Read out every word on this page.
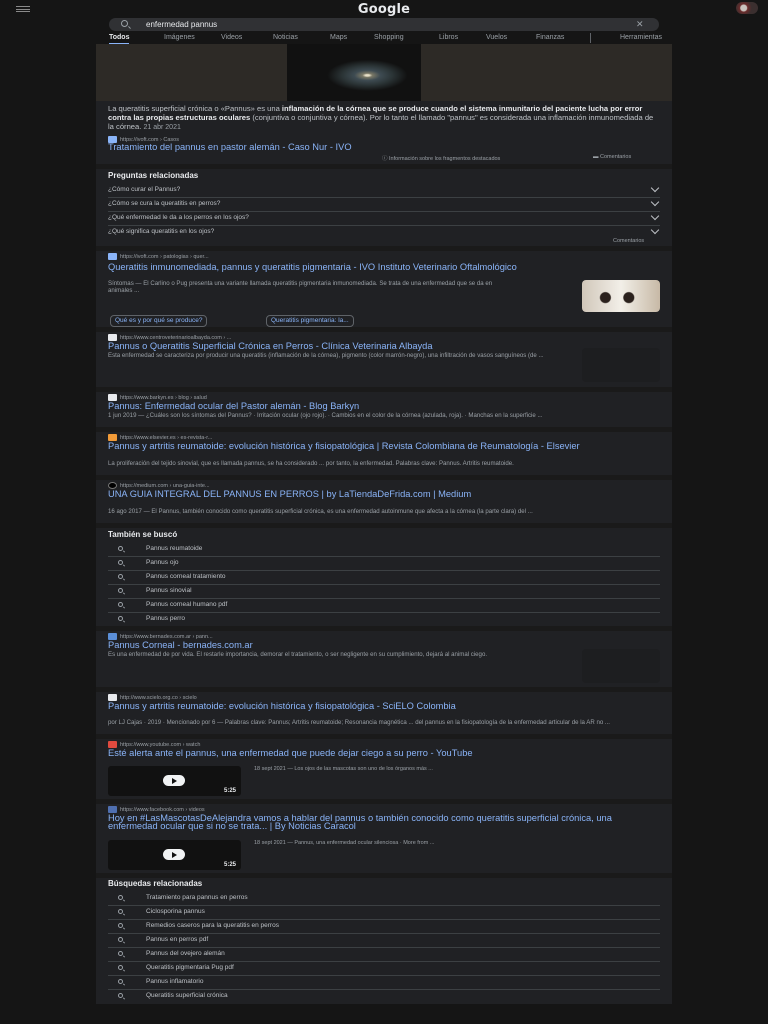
Google
enfermedad pannus
✕
Todos	Imágenes	Videos	Noticias	Maps	Shopping	Libros	Vuelos	Finanzas	Herramientas
La queratitis superficial crónica o «Pannus» es una inflamación de la córnea que se produce cuando el sistema inmunitario del paciente lucha por error contra las propias estructuras oculares (conjuntiva o conjuntiva y córnea). Por lo tanto el llamado "pannus" es considerada una inflamación inmunomediada de la córnea. 21 abr 2021
https://ivoft.com › Casos
Tratamiento del pannus en pastor alemán - Caso Nur - IVO
ⓘ Información sobre los fragmentos destacados	▬ Comentarios
Preguntas relacionadas
¿Cómo curar el Pannus?
¿Cómo se cura la queratitis en perros?
¿Qué enfermedad le da a los perros en los ojos?
¿Qué significa queratitis en los ojos?
Comentarios
https://ivoft.com › patologias › quer...
Queratitis inmunomediada, pannus y queratitis pigmentaria - IVO Instituto Veterinario Oftalmológico
Síntomas — El Carlino o Pug presenta una variante llamada queratitis pigmentaria inmunomediada. Se trata de una enfermedad que se da en animales ...
Qué es y por qué se produce?	Queratitis pigmentaria: la...
https://www.centroveterinarioalbayda.com › ...
Pannus o Queratitis Superficial Crónica en Perros - Clínica Veterinaria Albayda
Esta enfermedad se caracteriza por producir una queratitis (inflamación de la córnea), pigmento (color marrón-negro), una infiltración de vasos sanguíneos (de ...
https://www.barkyn.es › blog › salud
Pannus: Enfermedad ocular del Pastor alemán - Blog Barkyn
1 jun 2019 — ¿Cuáles son los síntomas del Pannus? · Irritación ocular (ojo rojo). · Cambios en el color de la córnea (azulada, roja). · Manchas en la superficie ...
https://www.elsevier.es › es-revista-r...
Pannus y artritis reumatoide: evolución histórica y fisiopatológica | Revista Colombiana de Reumatología - Elsevier
La proliferación del tejido sinovial, que es llamada pannus, se ha considerado ... por tanto, la enfermedad. Palabras clave: Pannus. Artritis reumatoide.
https://medium.com › una-guia-inte...
UNA GUIA INTEGRAL DEL PANNUS EN PERROS | by LaTiendaDeFrida.com | Medium
16 ago 2017 — El Pannus, también conocido como queratitis superficial crónica, es una enfermedad autoinmune que afecta a la córnea (la parte clara) del ...
También se buscó
Pannus reumatoide
Pannus ojo
Pannus corneal tratamiento
Pannus sinovial
Pannus corneal humano pdf
Pannus perro
https://www.bernades.com.ar › pann...
Pannus Corneal - bernades.com.ar
Es una enfermedad de por vida. El restarle importancia, demorar el tratamiento, o ser negligente en su cumplimiento, dejará al animal ciego.
http://www.scielo.org.co › scielo
Pannus y artritis reumatoide: evolución histórica y fisiopatológica - SciELO Colombia
por LJ Cajas · 2019 · Mencionado por 6 — Palabras clave: Pannus; Artritis reumatoide; Resonancia magnética ... del pannus en la fisiopatología de la enfermedad articular de la AR no ...
https://www.youtube.com › watch
Esté alerta ante el pannus, una enfermedad que puede dejar ciego a su perro - YouTube
5:25
18 sept 2021 — Los ojos de las mascotas son uno de los órganos más ...
https://www.facebook.com › videos
Hoy en #LasMascotasDeAlejandra vamos a hablar del pannus o también conocido como queratitis superficial crónica, una enfermedad ocular que si no se trata... | By Noticias Caracol
5:25
18 sept 2021 — Pannus, una enfermedad ocular silenciosa · More from ...
Búsquedas relacionadas
Tratamiento para pannus en perros
Ciclosporina pannus
Remedios caseros para la queratitis en perros
Pannus en perros pdf
Pannus del ovejero alemán
Queratitis pigmentaria Pug pdf
Pannus inflamatorio
Queratitis superficial crónica
